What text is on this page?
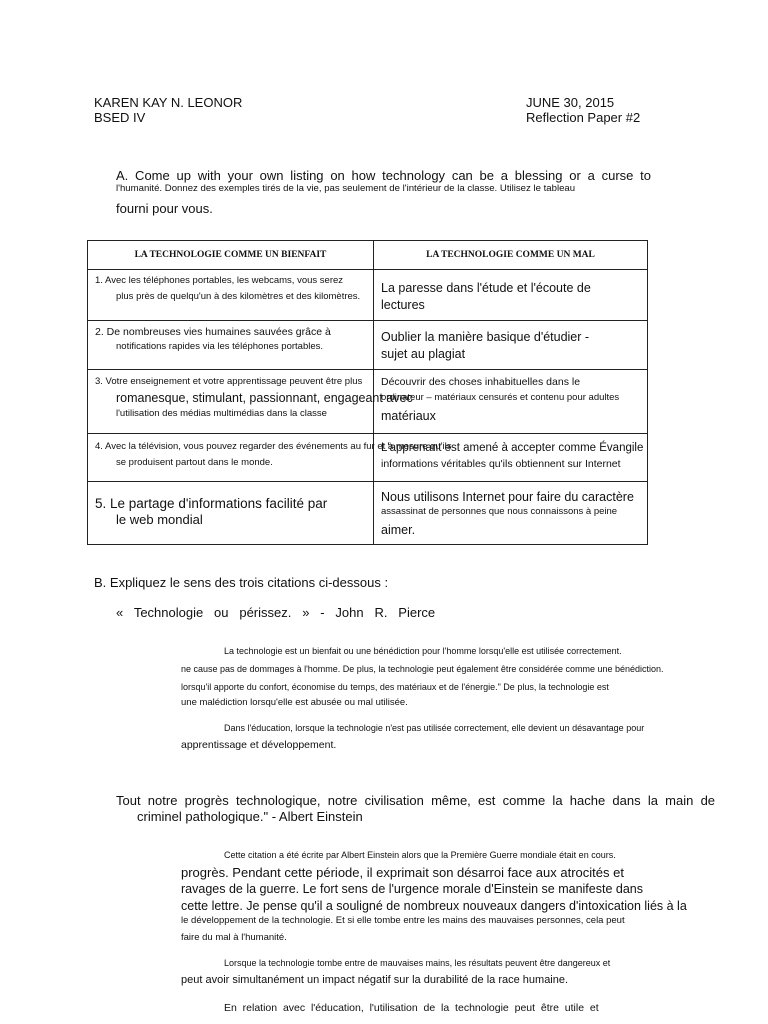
KAREN KAY N. LEONOR
BSED IV
JUNE 30, 2015
Reflection Paper #2
A. Come up with your own listing on how technology can be a blessing or a curse to
l'humanité. Donnez des exemples tirés de la vie, pas seulement de l'intérieur de la classe. Utilisez le tableau
fourni pour vous.
LA TECHNOLOGIE COMME UN BIENFAIT	LA TECHNOLOGIE COMME UN MAL

1. Avec les téléphones portables, les webcams, vous serez
plus près de quelqu'un à des kilomètres et des kilomètres.	La paresse dans l'étude et l'écoute de
lectures

2. De nombreuses vies humaines sauvées grâce à
notifications rapides via les téléphones portables.	Oublier la manière basique d'étudier -
sujet au plagiat

3. Votre enseignement et votre apprentissage peuvent être plus
romanesque, stimulant, passionnant, engageant avec
l'utilisation des médias multimédias dans la classe	Découvrir des choses inhabituelles dans le
ordinateur – matériaux censurés et contenu pour adultes
matériaux

4. Avec la télévision, vous pouvez regarder des événements au fur et à mesure qu'ils
se produisent partout dans le monde.	L'apprenant est amené à accepter comme Évangile
informations véritables qu'ils obtiennent sur Internet

5. Le partage d'informations facilité par
le web mondial	Nous utilisons Internet pour faire du caractère
assassinat de personnes que nous connaissons à peine
aimer.
B. Expliquez le sens des trois citations ci-dessous :
«   Technologie   ou   périssez.   »   -   John   R.   Pierce
La technologie est un bienfait ou une bénédiction pour l'homme lorsqu'elle est utilisée correctement.
ne cause pas de dommages à l'homme. De plus, la technologie peut également être considérée comme une bénédiction.
lorsqu'il apporte du confort, économise du temps, des matériaux et de l'énergie." De plus, la technologie est
une malédiction lorsqu'elle est abusée ou mal utilisée.
Dans l'éducation, lorsque la technologie n'est pas utilisée correctement, elle devient un désavantage pour
apprentissage et développement.
Tout  notre  progrès  technologique,  notre  civilisation  même,  est  comme  la  hache  dans  la  main  de
criminel pathologique." - Albert Einstein
Cette citation a été écrite par Albert Einstein alors que la Première Guerre mondiale était en cours.
progrès. Pendant cette période, il exprimait son désarroi face aux atrocités et
ravages de la guerre. Le fort sens de l'urgence morale d'Einstein se manifeste dans
cette lettre. Je pense qu'il a souligné de nombreux nouveaux dangers d'intoxication liés à la
le développement de la technologie. Et si elle tombe entre les mains des mauvaises personnes, cela peut
faire du mal à l'humanité.
Lorsque la technologie tombe entre de mauvaises mains, les résultats peuvent être dangereux et
peut avoir simultanément un impact négatif sur la durabilité de la race humaine.
En  relation  avec  l'éducation,  l'utilisation  de  la  technologie  peut  être  utile  et
